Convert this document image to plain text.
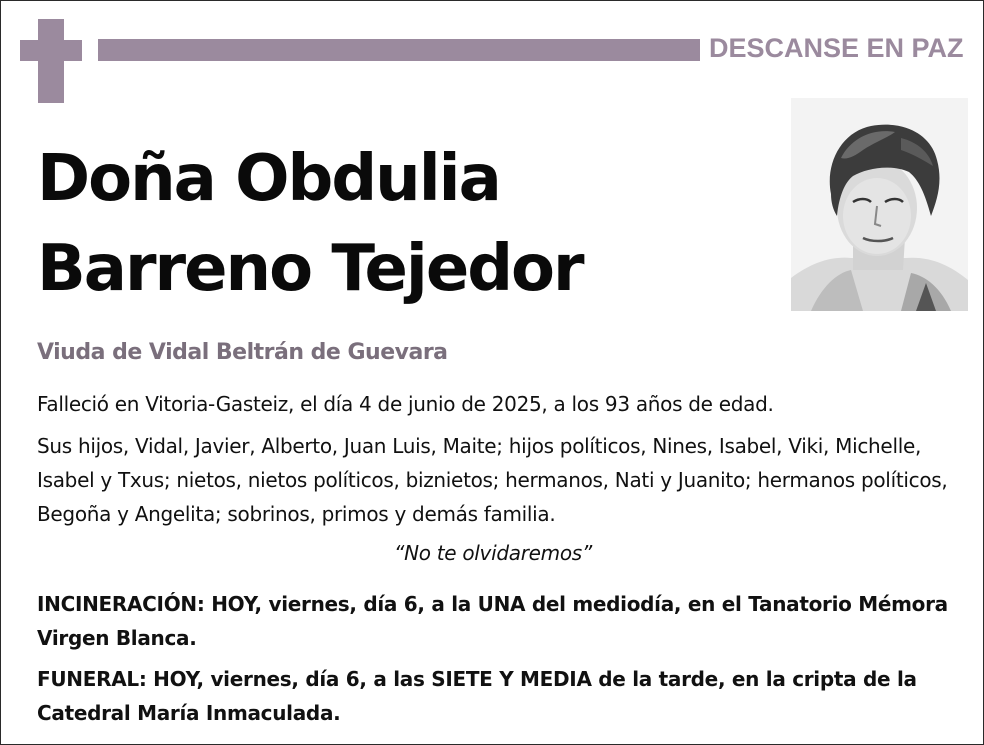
DESCANSE EN PAZ
Doña Obdulia
Barreno Tejedor
Viuda de Vidal Beltrán de Guevara
Falleció en Vitoria-Gasteiz, el día 4 de junio de 2025, a los 93 años de edad.
Sus hijos, Vidal, Javier, Alberto, Juan Luis, Maite; hijos políticos, Nines, Isabel, Viki, Michelle, Isabel y Txus; nietos, nietos políticos, biznietos; hermanos, Nati y Juanito; hermanos políticos, Begoña y Angelita; sobrinos, primos y demás familia.
“No te olvidaremos”
INCINERACIÓN: HOY, viernes, día 6, a la UNA del mediodía, en el Tanatorio Mémora Virgen Blanca.
FUNERAL: HOY, viernes, día 6, a las SIETE Y MEDIA de la tarde, en la cripta de la Catedral María Inmaculada.
